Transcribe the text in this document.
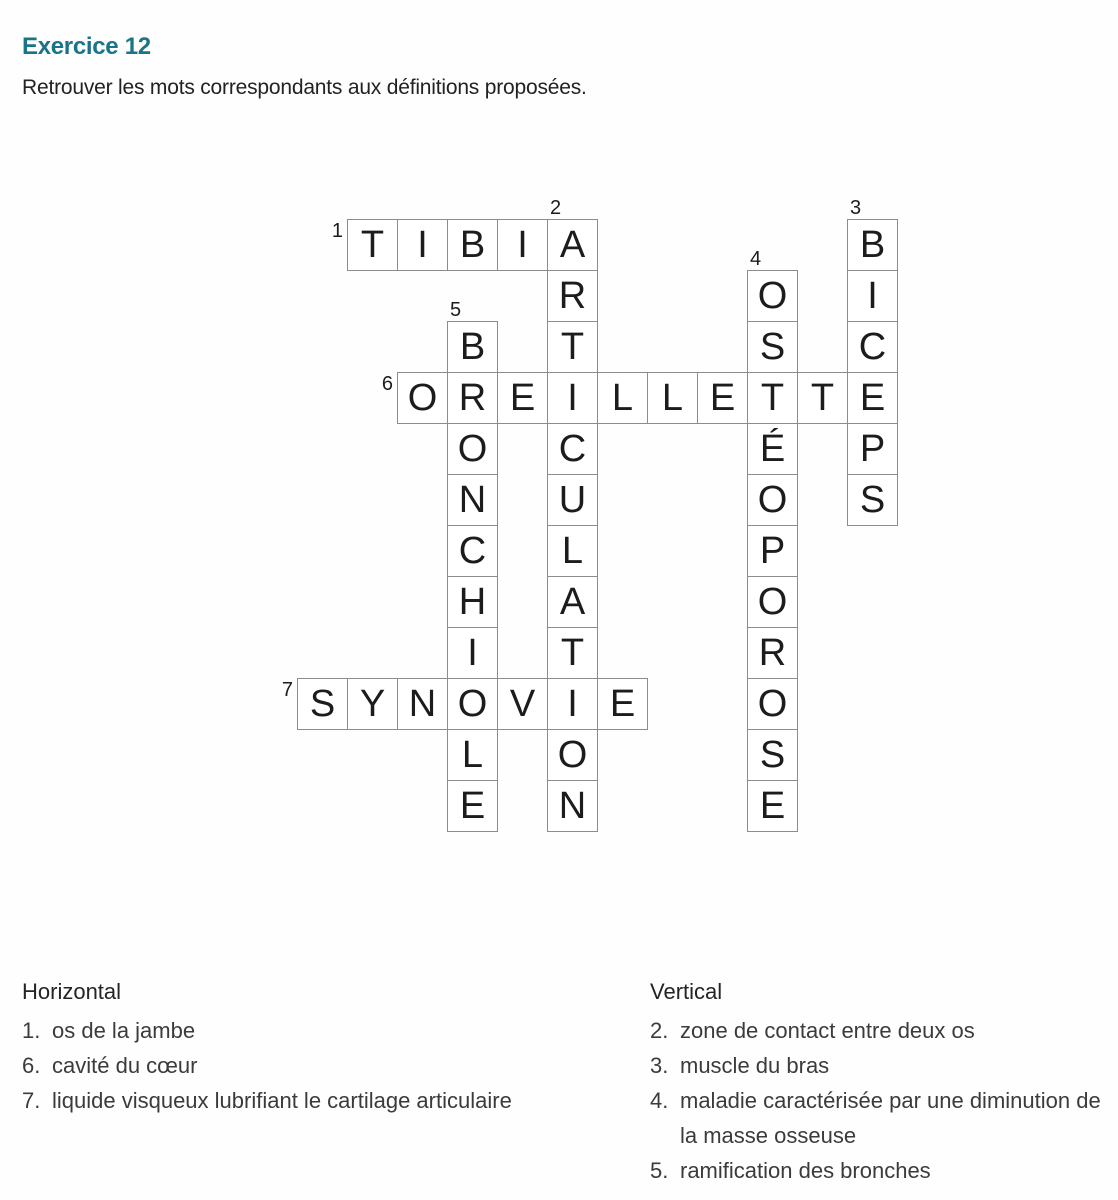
Exercice 12

Retrouver les mots correspondants aux définitions proposées.

T I B I A	B
R	O	I
B	T	S	C
O R E I L L E T T E
O	C	É	P
N	U	O	S
C	L	P
H	A	O
I	T	R
S Y N O V I E	O
L	O	S
E	N	E
1
2	3
4
5
6
7
Horizontal
1. os de la jambe
6. cavité du cœur
7. liquide visqueux lubrifiant le cartilage articulaire
Vertical
2. zone de contact entre deux os
3. muscle du bras
4. maladie caractérisée par une diminution de la masse osseuse
5. ramification des bronches
